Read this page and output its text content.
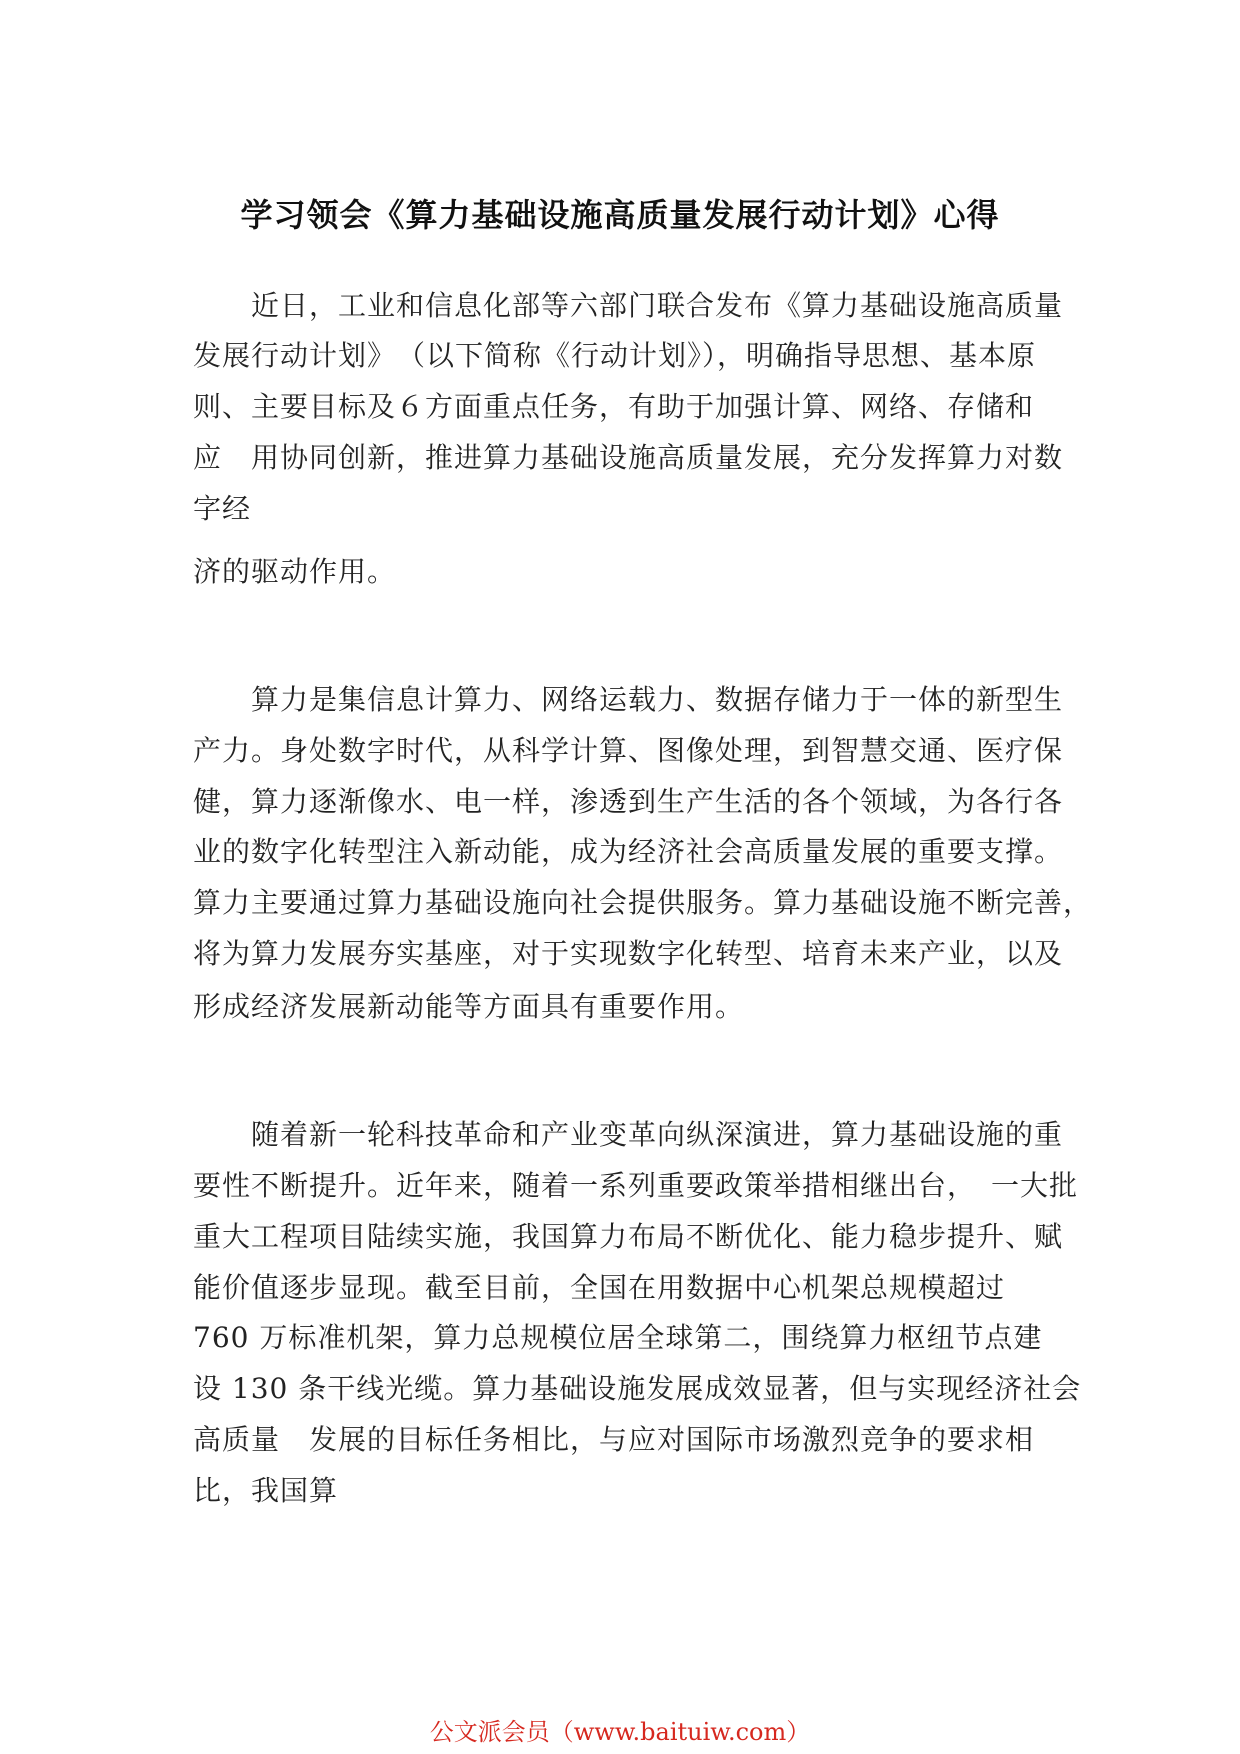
学习领会《算力基础设施高质量发展行动计划》心得
　　近日，工业和信息化部等六部门联合发布《算力基础设施高质量
发展行动计划》　（以下简称《行动计划》），明确指导思想、基本原
则、主要目标及６方面重点任务，有助于加强计算、网络、存储和
应　用协同创新，推进算力基础设施高质量发展，充分发挥算力对数
字经
济的驱动作用。
　　算力是集信息计算力、网络运载力、数据存储力于一体的新型生
产力。身处数字时代，从科学计算、图像处理，到智慧交通、医疗保
健，算力逐渐像水、电一样，渗透到生产生活的各个领域，为各行各
业的数字化转型注入新动能，成为经济社会高质量发展的重要支撑。
算力主要通过算力基础设施向社会提供服务。算力基础设施不断完善，
将为算力发展夯实基座，对于实现数字化转型、培育未来产业，以及
形成经济发展新动能等方面具有重要作用。
　　随着新一轮科技革命和产业变革向纵深演进，算力基础设施的重
要性不断提升。近年来，随着一系列重要政策举措相继出台，　一大批
重大工程项目陆续实施，我国算力布局不断优化、能力稳步提升、赋
能价值逐步显现。截至目前，全国在用数据中心机架总规模超过
760 万标准机架，算力总规模位居全球第二，围绕算力枢纽节点建
设 130 条干线光缆。算力基础设施发展成效显著，但与实现经济社会
高质量　发展的目标任务相比，与应对国际市场激烈竞争的要求相
比，我国算
公文派会员（www.baituiw.com）
